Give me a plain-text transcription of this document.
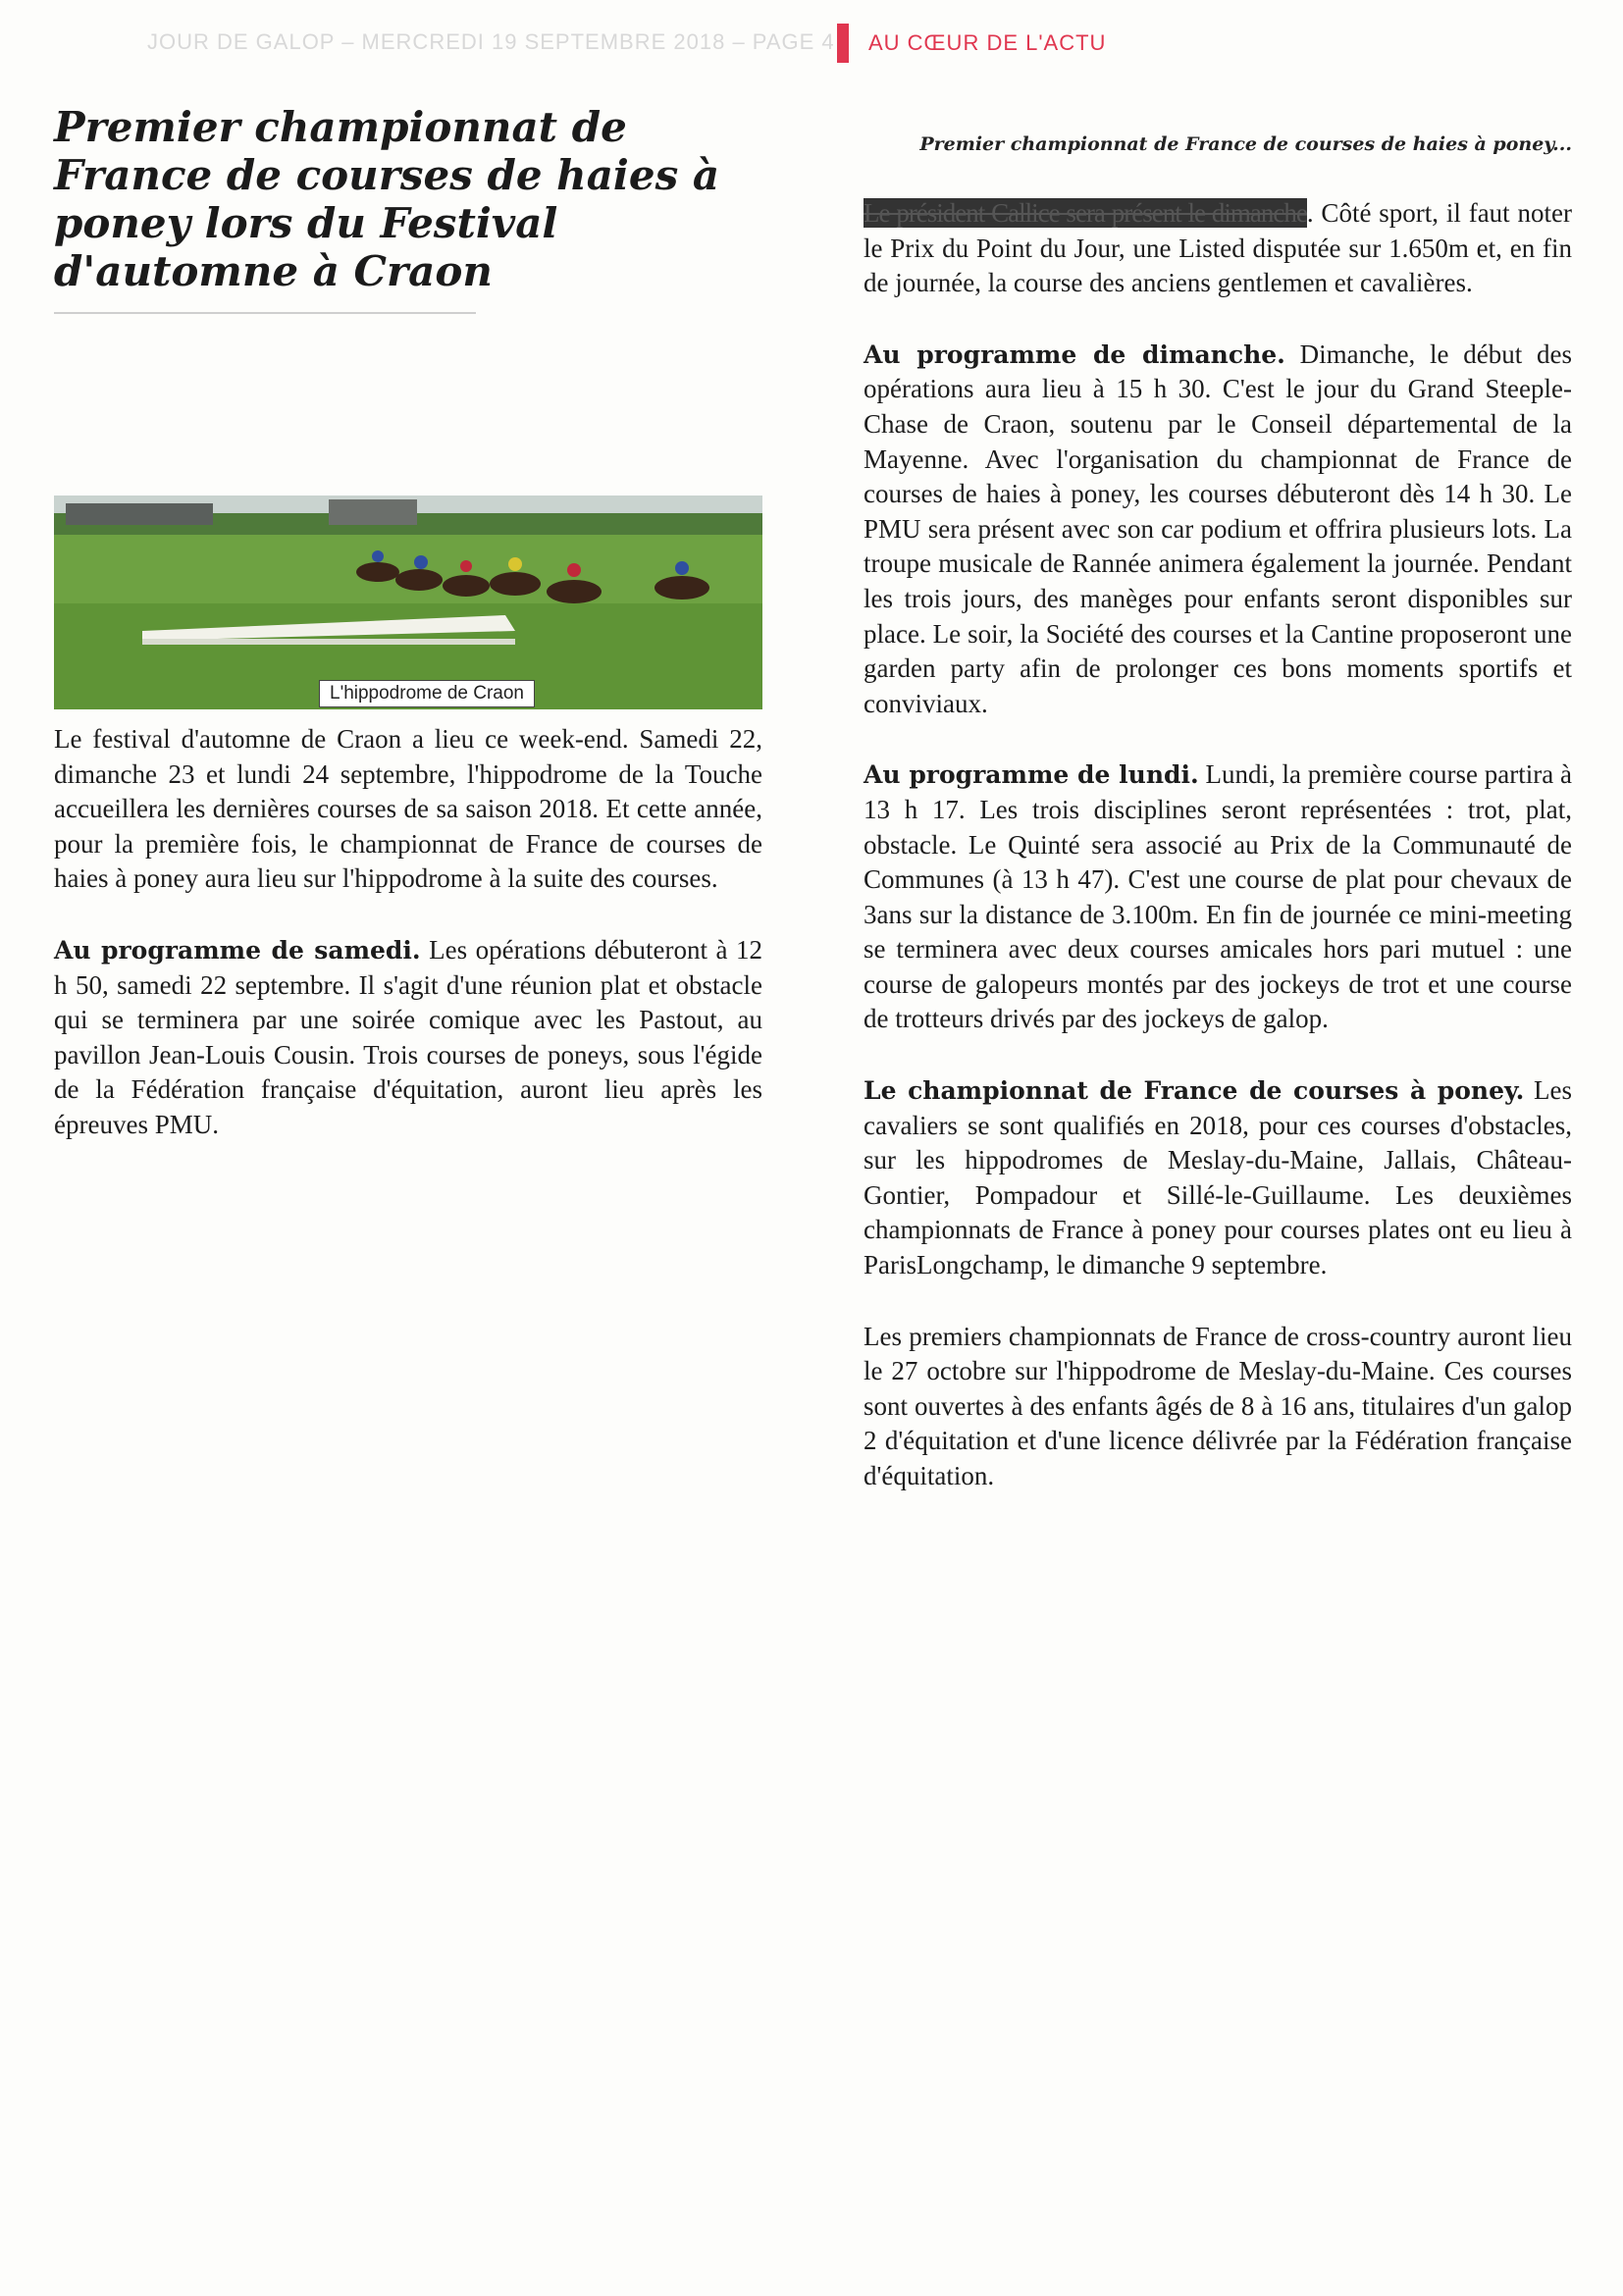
JOUR DE GALOP – MERCREDI 19 SEPTEMBRE 2018 – PAGE 4 AU CŒUR DE L'ACTU
Premier championnat de France de courses de haies à poney lors du Festival d'automne à Craon
L'hippodrome de Craon

Le festival d'automne de Craon a lieu ce week-end. Samedi 22, dimanche 23 et lundi 24 septembre, l'hippodrome de la Touche accueillera les dernières courses de sa saison 2018. Et cette année, pour la première fois, le championnat de France de courses de haies à poney aura lieu sur l'hippodrome à la suite des courses.

Au programme de samedi. Les opérations débuteront à 12 h 50, samedi 22 septembre. Il s'agit d'une réunion plat et obstacle qui se terminera par une soirée comique avec les Pastout, au pavillon Jean-Louis Cousin. Trois courses de poneys, sous l'égide de la Fédération française d'équitation, auront lieu après les épreuves PMU.

Premier championnat de France de courses de haies à poney...

Le président Callice sera présent le dimanche. Côté sport, il faut noter le Prix du Point du Jour, une Listed disputée sur 1.650m et, en fin de journée, la course des anciens gentlemen et cavalières.

Au programme de dimanche. Dimanche, le début des opérations aura lieu à 15 h 30. C'est le jour du Grand Steeple-Chase de Craon, soutenu par le Conseil départemental de la Mayenne. Avec l'organisation du championnat de France de courses de haies à poney, les courses débuteront dès 14 h 30. Le PMU sera présent avec son car podium et offrira plusieurs lots. La troupe musicale de Rannée animera également la journée. Pendant les trois jours, des manèges pour enfants seront disponibles sur place. Le soir, la Société des courses et la Cantine proposeront une garden party afin de prolonger ces bons moments sportifs et conviviaux.

Au programme de lundi. Lundi, la première course partira à 13 h 17. Les trois disciplines seront représentées : trot, plat, obstacle. Le Quinté sera associé au Prix de la Communauté de Communes (à 13 h 47). C'est une course de plat pour chevaux de 3ans sur la distance de 3.100m. En fin de journée ce mini-meeting se terminera avec deux courses amicales hors pari mutuel : une course de galopeurs montés par des jockeys de trot et une course de trotteurs drivés par des jockeys de galop.

Le championnat de France de courses à poney. Les cavaliers se sont qualifiés en 2018, pour ces courses d'obstacles, sur les hippodromes de Meslay-du-Maine, Jallais, Château-Gontier, Pompadour et Sillé-le-Guillaume. Les deuxièmes championnats de France à poney pour courses plates ont eu lieu à ParisLongchamp, le dimanche 9 septembre.

Les premiers championnats de France de cross-country auront lieu le 27 octobre sur l'hippodrome de Meslay-du-Maine. Ces courses sont ouvertes à des enfants âgés de 8 à 16 ans, titulaires d'un galop 2 d'équitation et d'une licence délivrée par la Fédération française d'équitation.
